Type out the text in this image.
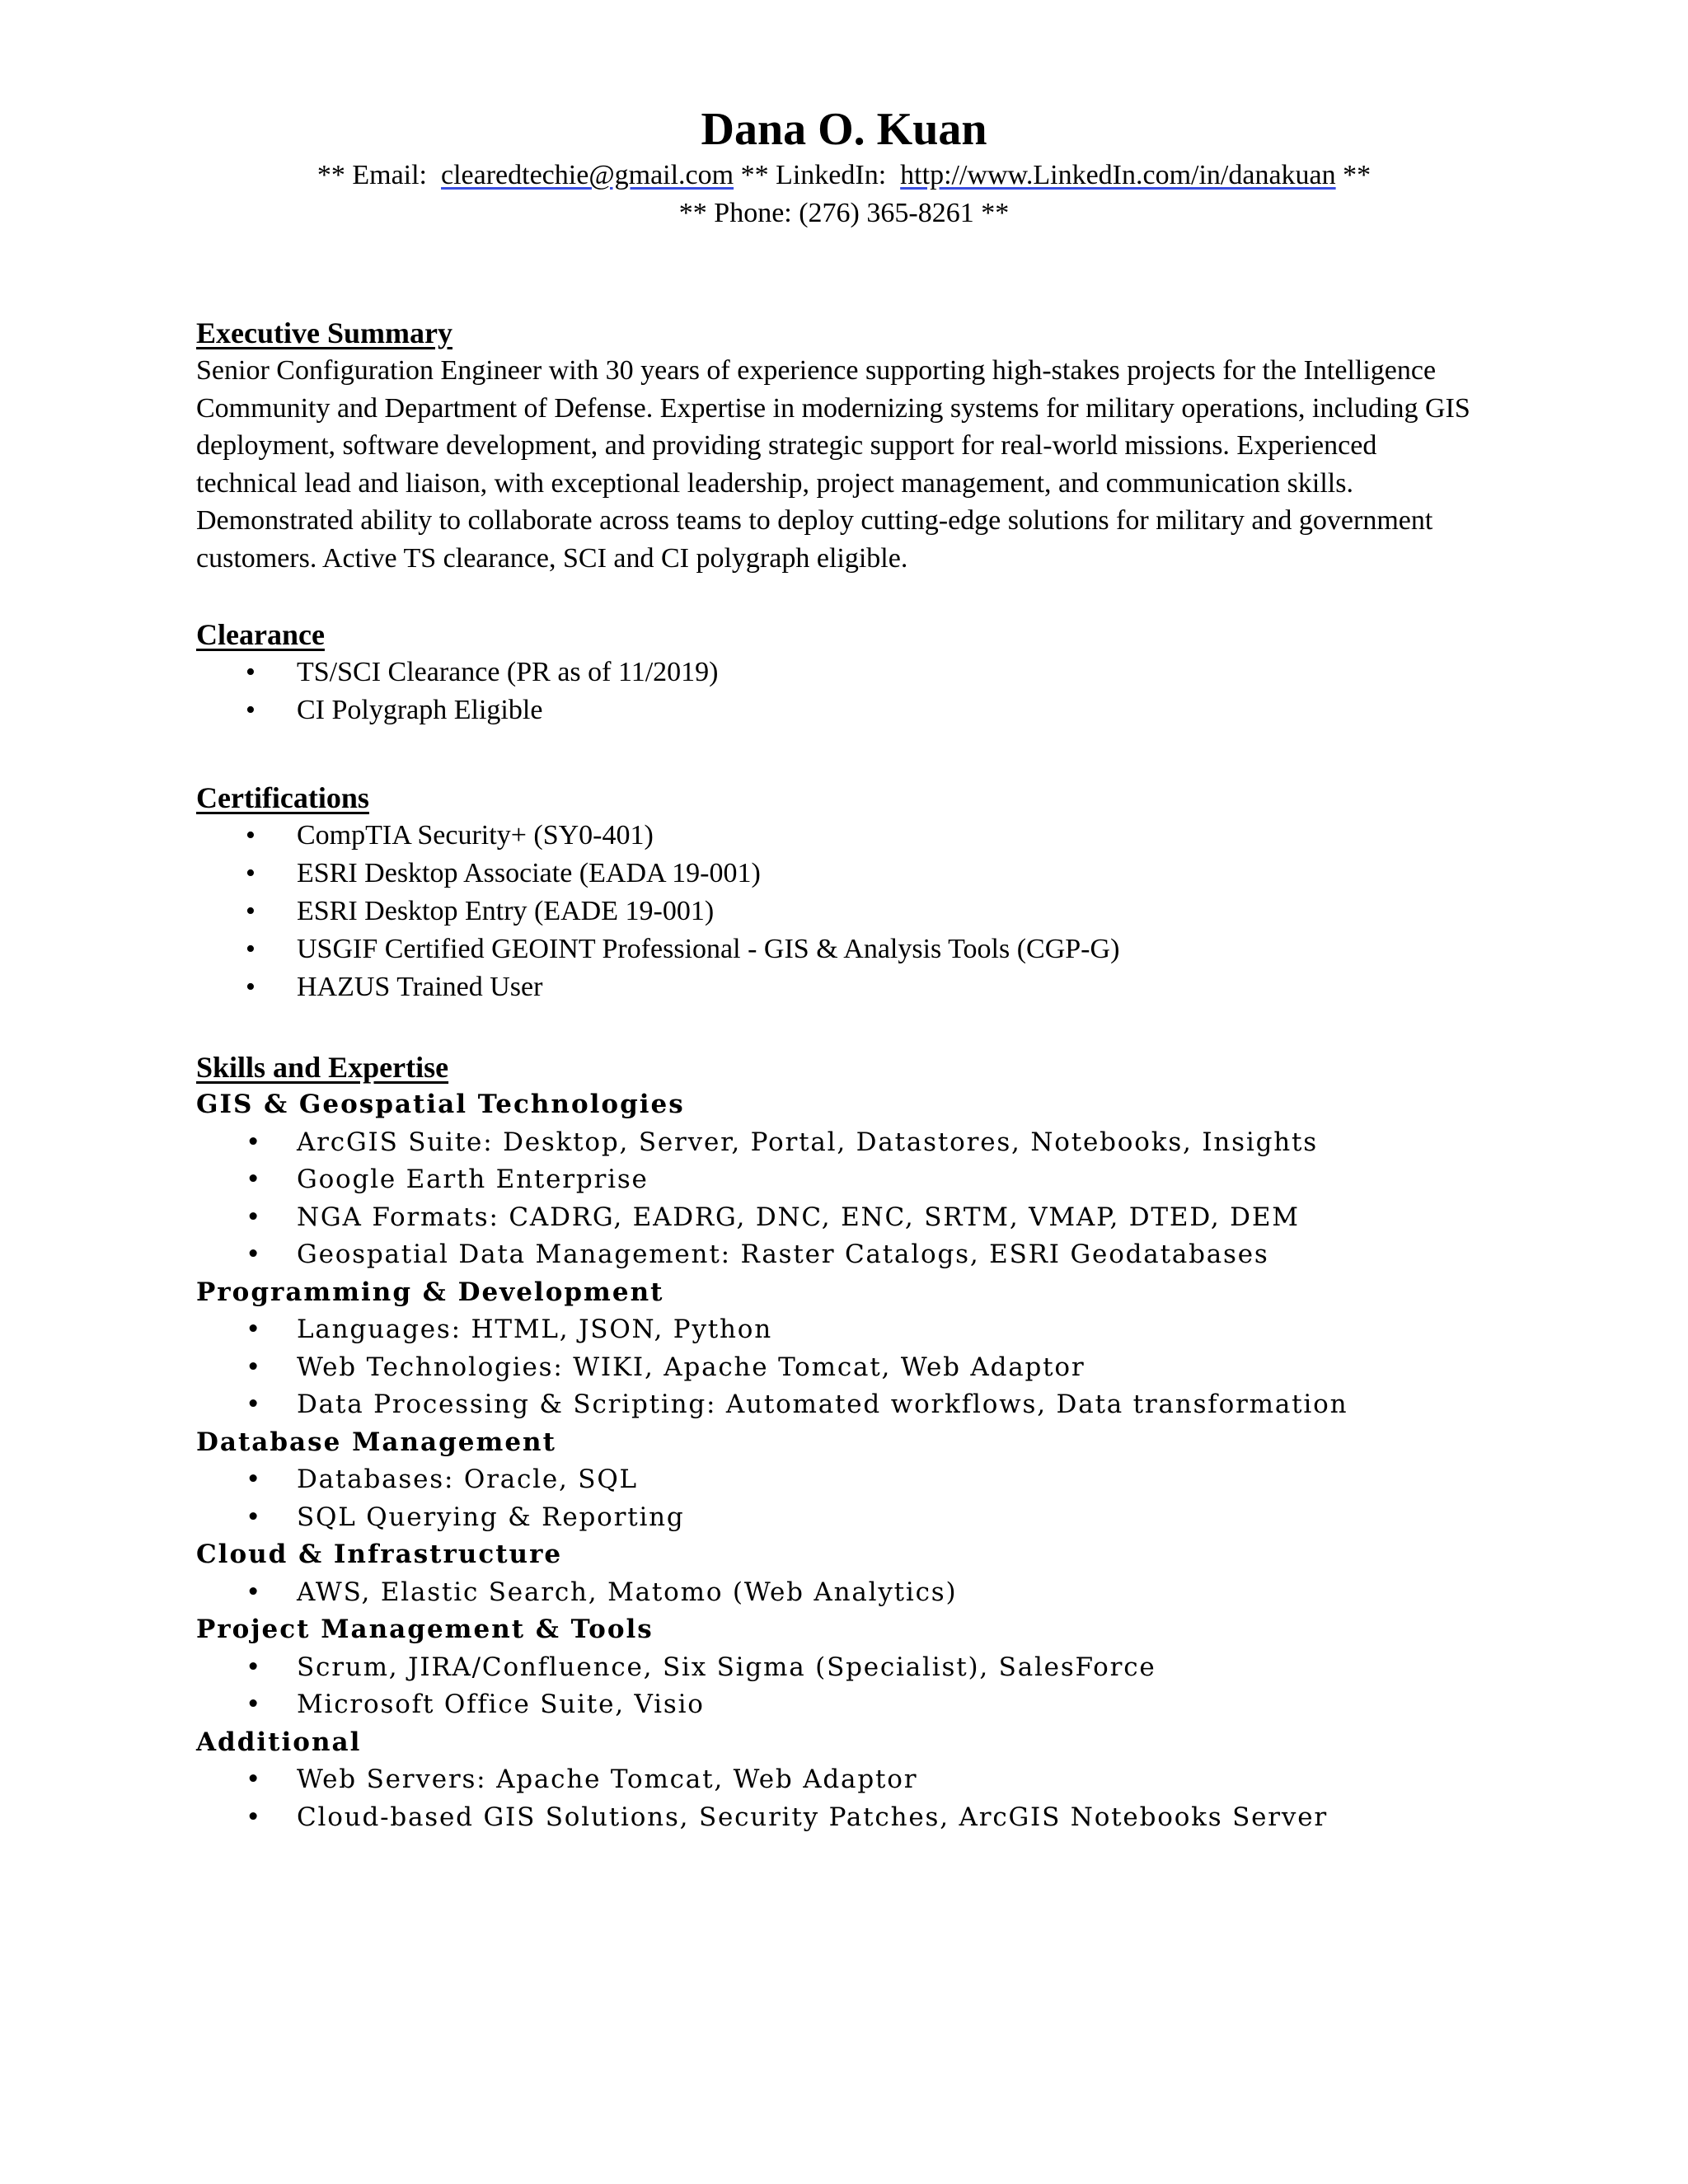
Dana O. Kuan

** Email: clearedtechie@gmail.com ** LinkedIn: http://www.LinkedIn.com/in/danakuan **

** Phone: (276) 365-8261 **

Executive Summary

Senior Configuration Engineer with 30 years of experience supporting high-stakes projects for the Intelligence Community and Department of Defense. Expertise in modernizing systems for military operations, including GIS deployment, software development, and providing strategic support for real-world missions. Experienced technical lead and liaison, with exceptional leadership, project management, and communication skills. Demonstrated ability to collaborate across teams to deploy cutting-edge solutions for military and government customers. Active TS clearance, SCI and CI polygraph eligible.

Clearance

• TS/SCI Clearance (PR as of 11/2019)
• CI Polygraph Eligible

Certifications

• CompTIA Security+ (SY0-401)
• ESRI Desktop Associate (EADA 19-001)
• ESRI Desktop Entry (EADE 19-001)
• USGIF Certified GEOINT Professional - GIS & Analysis Tools (CGP-G)
• HAZUS Trained User

Skills and Expertise

GIS & Geospatial Technologies

• ArcGIS Suite: Desktop, Server, Portal, Datastores, Notebooks, Insights
• Google Earth Enterprise
• NGA Formats: CADRG, EADRG, DNC, ENC, SRTM, VMAP, DTED, DEM
• Geospatial Data Management: Raster Catalogs, ESRI Geodatabases

Programming & Development

• Languages: HTML, JSON, Python
• Web Technologies: WIKI, Apache Tomcat, Web Adaptor
• Data Processing & Scripting: Automated workflows, Data transformation

Database Management

• Databases: Oracle, SQL
• SQL Querying & Reporting

Cloud & Infrastructure

• AWS, Elastic Search, Matomo (Web Analytics)

Project Management & Tools

• Scrum, JIRA/Confluence, Six Sigma (Specialist), SalesForce
• Microsoft Office Suite, Visio

Additional

• Web Servers: Apache Tomcat, Web Adaptor
• Cloud-based GIS Solutions, Security Patches, ArcGIS Notebooks Server
